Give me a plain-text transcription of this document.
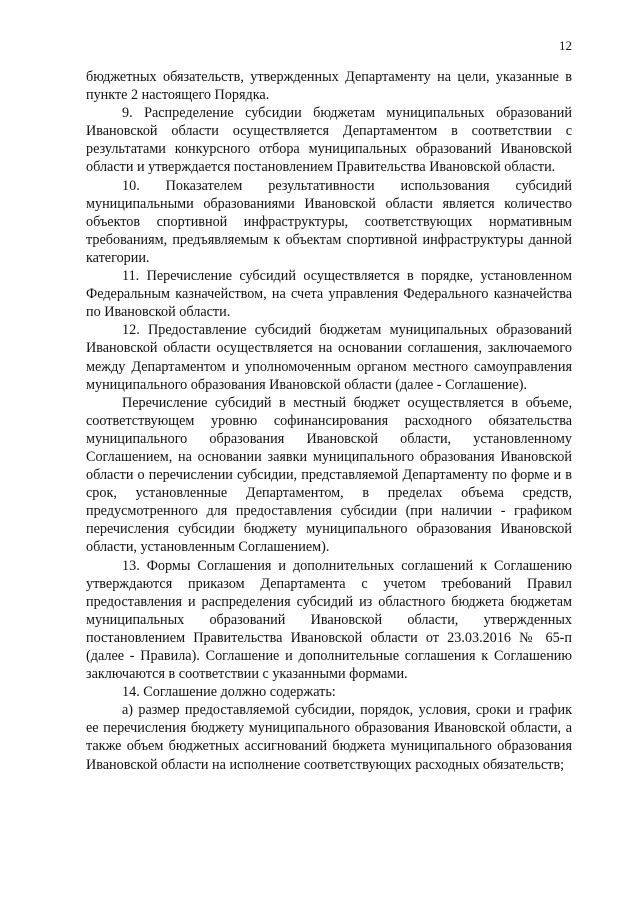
12

бюджетных обязательств, утвержденных Департаменту на цели, указанные в пункте 2 настоящего Порядка.

9. Распределение субсидии бюджетам муниципальных образований Ивановской области осуществляется Департаментом в соответствии с результатами конкурсного отбора муниципальных образований Ивановской области и утверждается постановлением Правительства Ивановской области.

10. Показателем результативности использования субсидий муниципальными образованиями Ивановской области является количество объектов спортивной инфраструктуры, соответствующих нормативным требованиям, предъявляемым к объектам спортивной инфраструктуры данной категории.

11. Перечисление субсидий осуществляется в порядке, установленном Федеральным казначейством, на счета управления Федерального казначейства по Ивановской области.

12. Предоставление субсидий бюджетам муниципальных образований Ивановской области осуществляется на основании соглашения, заключаемого между Департаментом и уполномоченным органом местного самоуправления муниципального образования Ивановской области (далее - Соглашение).

Перечисление субсидий в местный бюджет осуществляется в объеме, соответствующем уровню софинансирования расходного обязательства муниципального образования Ивановской области, установленному Соглашением, на основании заявки муниципального образования Ивановской области о перечислении субсидии, представляемой Департаменту по форме и в срок, установленные Департаментом, в пределах объема средств, предусмотренного для предоставления субсидии (при наличии - графиком перечисления субсидии бюджету муниципального образования Ивановской области, установленным Соглашением).

13. Формы Соглашения и дополнительных соглашений к Соглашению утверждаются приказом Департамента с учетом требований Правил предоставления и распределения субсидий из областного бюджета бюджетам муниципальных образований Ивановской области, утвержденных постановлением Правительства Ивановской области от 23.03.2016 № 65-п (далее - Правила). Соглашение и дополнительные соглашения к Соглашению заключаются в соответствии с указанными формами.

14. Соглашение должно содержать:

а) размер предоставляемой субсидии, порядок, условия, сроки и график ее перечисления бюджету муниципального образования Ивановской области, а также объем бюджетных ассигнований бюджета муниципального образования Ивановской области на исполнение соответствующих расходных обязательств;
